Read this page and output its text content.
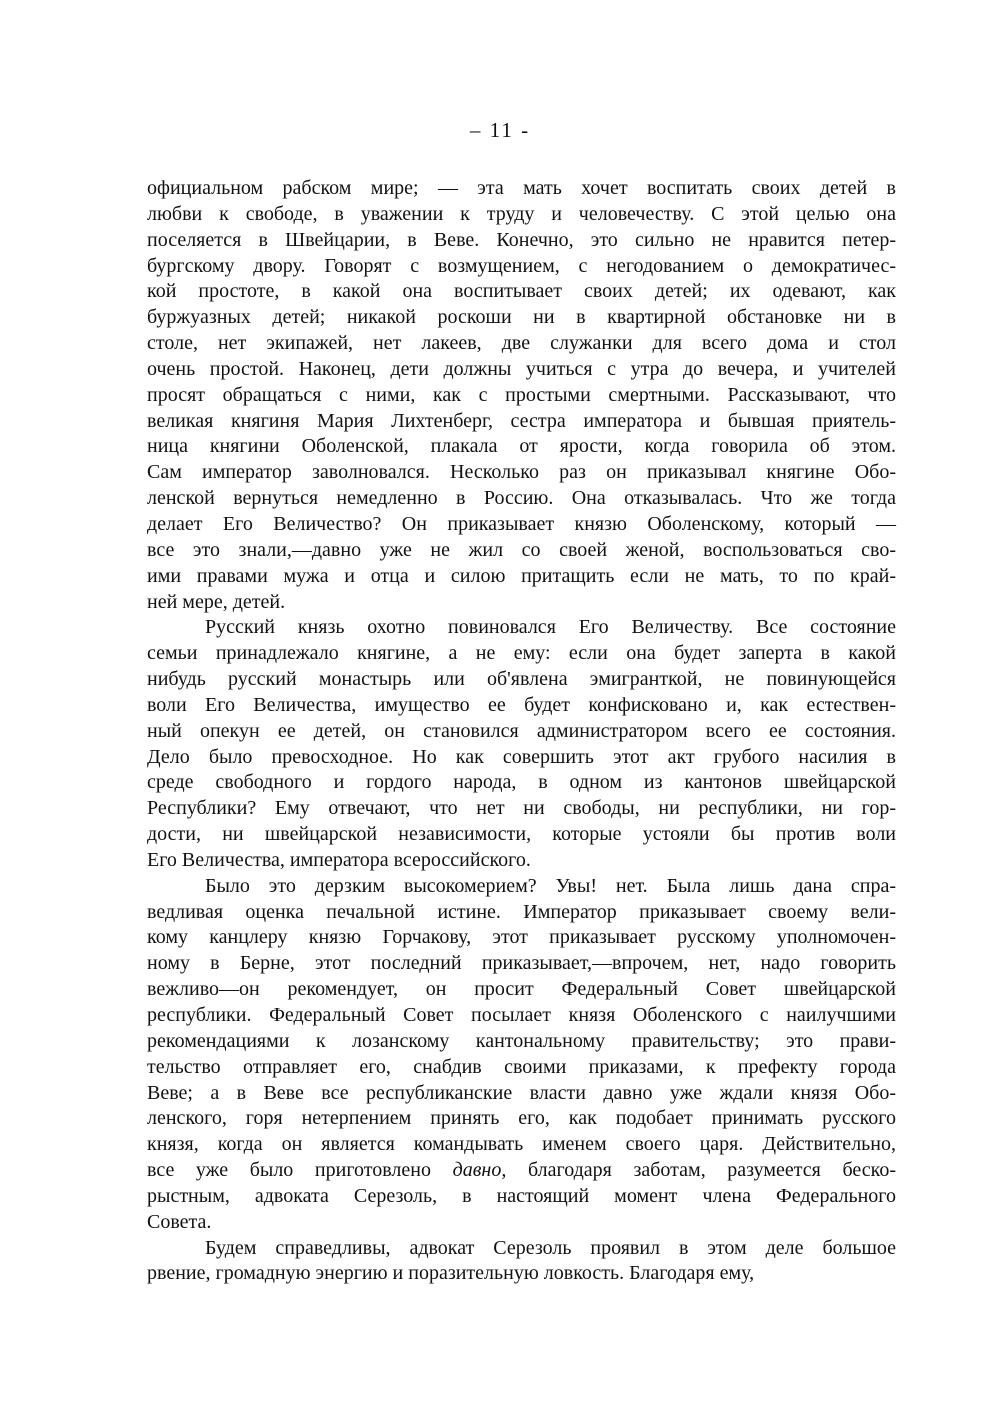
– 11 -
официальном рабском мире; — эта мать хочет воспитать своих детей в
любви к свободе, в уважении к труду и человечеству. С этой целью она
поселяется в Швейцарии, в Веве. Конечно, это сильно не нравится петер-
бургскому двору. Говорят с возмущением, с негодованием о демократичес-
кой простоте, в какой она воспитывает своих детей; их одевают, как
буржуазных детей; никакой роскоши ни в квартирной обстановке ни в
столе, нет экипажей, нет лакеев, две служанки для всего дома и стол
очень простой. Наконец, дети должны учиться с утра до вечера, и учителей
просят обращаться с ними, как с простыми смертными. Рассказывают, что
великая княгиня Мария Лихтенберг, сестра императора и бывшая приятель-
ница княгини Оболенской, плакала от ярости, когда говорила об этом.
Сам император заволновался. Несколько раз он приказывал княгине Обо-
ленской вернуться немедленно в Россию. Она отказывалась. Что же тогда
делает Его Величество? Он приказывает князю Оболенскому, который —
все это знали,—давно уже не жил со своей женой, воспользоваться сво-
ими правами мужа и отца и силою притащить если не мать, то по край-
ней мере, детей.
Русский князь охотно повиновался Его Величеству. Все состояние
семьи принадлежало княгине, а не ему: если она будет заперта в какой
нибудь русский монастырь или об'явлена эмигранткой, не повинующейся
воли Его Величества, имущество ее будет конфисковано и, как естествен-
ный опекун ее детей, он становился администратором всего ее состояния.
Дело было превосходное. Но как совершить этот акт грубого насилия в
среде свободного и гордого народа, в одном из кантонов швейцарской
Республики? Ему отвечают, что нет ни свободы, ни республики, ни гор-
дости, ни швейцарской независимости, которые устояли бы против воли
Его Величества, императора всероссийского.
Было это дерзким высокомерием? Увы! нет. Была лишь дана спра-
ведливая оценка печальной истине. Император приказывает своему вели-
кому канцлеру князю Горчакову, этот приказывает русскому уполномочен-
ному в Берне, этот последний приказывает,—впрочем, нет, надо говорить
вежливо—он рекомендует, он просит Федеральный Совет швейцарской
республики. Федеральный Совет посылает князя Оболенского с наилучшими
рекомендациями к лозанскому кантональному правительству; это прави-
тельство отправляет его, снабдив своими приказами, к префекту города
Веве; а в Веве все республиканские власти давно уже ждали князя Обо-
ленского, горя нетерпением принять его, как подобает принимать русского
князя, когда он является командывать именем своего царя. Действительно,
все уже было приготовлено давно, благодаря заботам, разумеется беско-
рыстным, адвоката Серезоль, в настоящий момент члена Федерального
Совета.
Будем справедливы, адвокат Серезоль проявил в этом деле большое
рвение, громадную энергию и поразительную ловкость. Благодаря ему,
